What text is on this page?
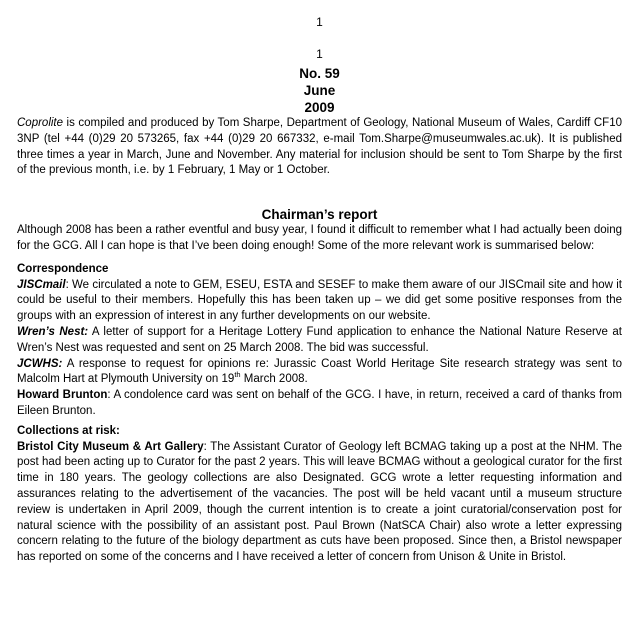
1

1

No. 59

June

2009

Coprolite is compiled and produced by Tom Sharpe, Department of Geology, National Museum of Wales, Cardiff CF10 3NP (tel +44 (0)29 20 573265, fax +44 (0)29 20 667332, e-mail Tom.Sharpe@museumwales.ac.uk). It is published three times a year in March, June and November. Any material for inclusion should be sent to Tom Sharpe by the first of the previous month, i.e. by 1 February, 1 May or 1 October.

Chairman’s report

Although 2008 has been a rather eventful and busy year, I found it difficult to remember what I had actually been doing for the GCG. All I can hope is that I’ve been doing enough! Some of the more relevant work is summarised below:

Correspondence

JISCmail: We circulated a note to GEM, ESEU, ESTA and SESEF to make them aware of our JISCmail site and how it could be useful to their members. Hopefully this has been taken up – we did get some positive responses from the groups with an expression of interest in any further developments on our website.

Wren’s Nest: A letter of support for a Heritage Lottery Fund application to enhance the National Nature Reserve at Wren’s Nest was requested and sent on 25 March 2008. The bid was successful.

JCWHS: A response to request for opinions re: Jurassic Coast World Heritage Site research strategy was sent to Malcolm Hart at Plymouth University on 19th March 2008.

Howard Brunton: A condolence card was sent on behalf of the GCG. I have, in return, received a card of thanks from Eileen Brunton.

Collections at risk:

Bristol City Museum & Art Gallery: The Assistant Curator of Geology left BCMAG taking up a post at the NHM. The post had been acting up to Curator for the past 2 years. This will leave BCMAG without a geological curator for the first time in 180 years. The geology collections are also Designated. GCG wrote a letter requesting information and assurances relating to the advertisement of the vacancies. The post will be held vacant until a museum structure review is undertaken in April 2009, though the current intention is to create a joint curatorial/conservation post for natural science with the possibility of an assistant post. Paul Brown (NatSCA Chair) also wrote a letter expressing concern relating to the future of the biology department as cuts have been proposed. Since then, a Bristol newspaper has reported on some of the concerns and I have received a letter of concern from Unison & Unite in Bristol.
